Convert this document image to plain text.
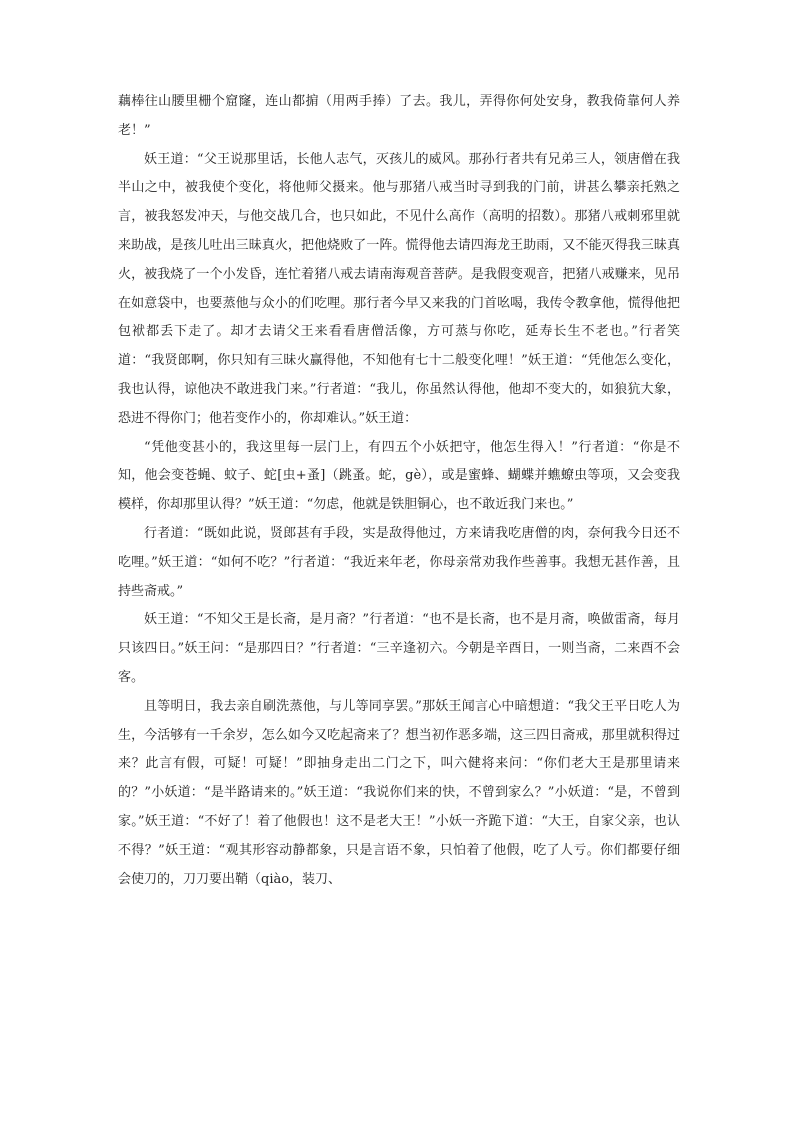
藕棒往山腰里栅个窟窿，连山都掮（用两手捧）了去。我儿，弄得你何处安身，教我倚靠何人养老！”

妖王道：“父王说那里话，长他人志气，灭孩儿的威风。那孙行者共有兄弟三人，领唐僧在我半山之中，被我使个变化，将他师父摄来。他与那猪八戒当时寻到我的门前，讲甚么攀亲托熟之言，被我怒发冲天，与他交战几合，也只如此，不见什么高作（高明的招数）。那猪八戒刺邪里就来助战，是孩儿吐出三昧真火，把他烧败了一阵。慌得他去请四海龙王助雨，又不能灭得我三昧真火，被我烧了一个小发昏，连忙着猪八戒去请南海观音菩萨。是我假变观音，把猪八戒赚来，见吊在如意袋中，也要蒸他与众小的们吃哩。那行者今早又来我的门首吆喝，我传令教拿他，慌得他把包袱都丢下走了。却才去请父王来看看唐僧活像，方可蒸与你吃，延寿长生不老也。”行者笑道：“我贤郎啊，你只知有三昧火赢得他，不知他有七十二般变化哩！”妖王道：“凭他怎么变化，我也认得，谅他决不敢进我门来。”行者道：“我儿，你虽然认得他，他却不变大的，如狼犺大象，恐进不得你门；他若变作小的，你却难认。”妖王道：

“凭他变甚小的，我这里每一层门上，有四五个小妖把守，他怎生得入！”行者道：“你是不知，他会变苍蝇、蚊子、蛇[虫+蚤]（跳蚤。蛇，gè），或是蜜蜂、蝴蝶并蟭蟟虫等项，又会变我模样，你却那里认得？”妖王道：“勿虑，他就是铁胆铜心，也不敢近我门来也。”

行者道：“既如此说，贤郎甚有手段，实是敌得他过，方来请我吃唐僧的肉，奈何我今日还不吃哩。”妖王道：“如何不吃？”行者道：“我近来年老，你母亲常劝我作些善事。我想无甚作善，且持些斋戒。”

妖王道：“不知父王是长斋，是月斋？”行者道：“也不是长斋，也不是月斋，唤做雷斋，每月只该四日。”妖王问：“是那四日？”行者道：“三辛逢初六。今朝是辛酉日，一则当斋，二来酉不会客。

且等明日，我去亲自刷洗蒸他，与儿等同享罢。”那妖王闻言心中暗想道：“我父王平日吃人为生，今活够有一千余岁，怎么如今又吃起斋来了？想当初作恶多端，这三四日斋戒，那里就积得过来？此言有假，可疑！可疑！”即抽身走出二门之下，叫六健将来问：“你们老大王是那里请来的？”小妖道：“是半路请来的。”妖王道：“我说你们来的快，不曾到家么？”小妖道：“是，不曾到家。”妖王道：“不好了！着了他假也！这不是老大王！”小妖一齐跪下道：“大王，自家父亲，也认不得？”妖王道：“观其形容动静都象，只是言语不象，只怕着了他假，吃了人亏。你们都要仔细 会使刀的，刀刀要出鞘（qiào，装刀、
